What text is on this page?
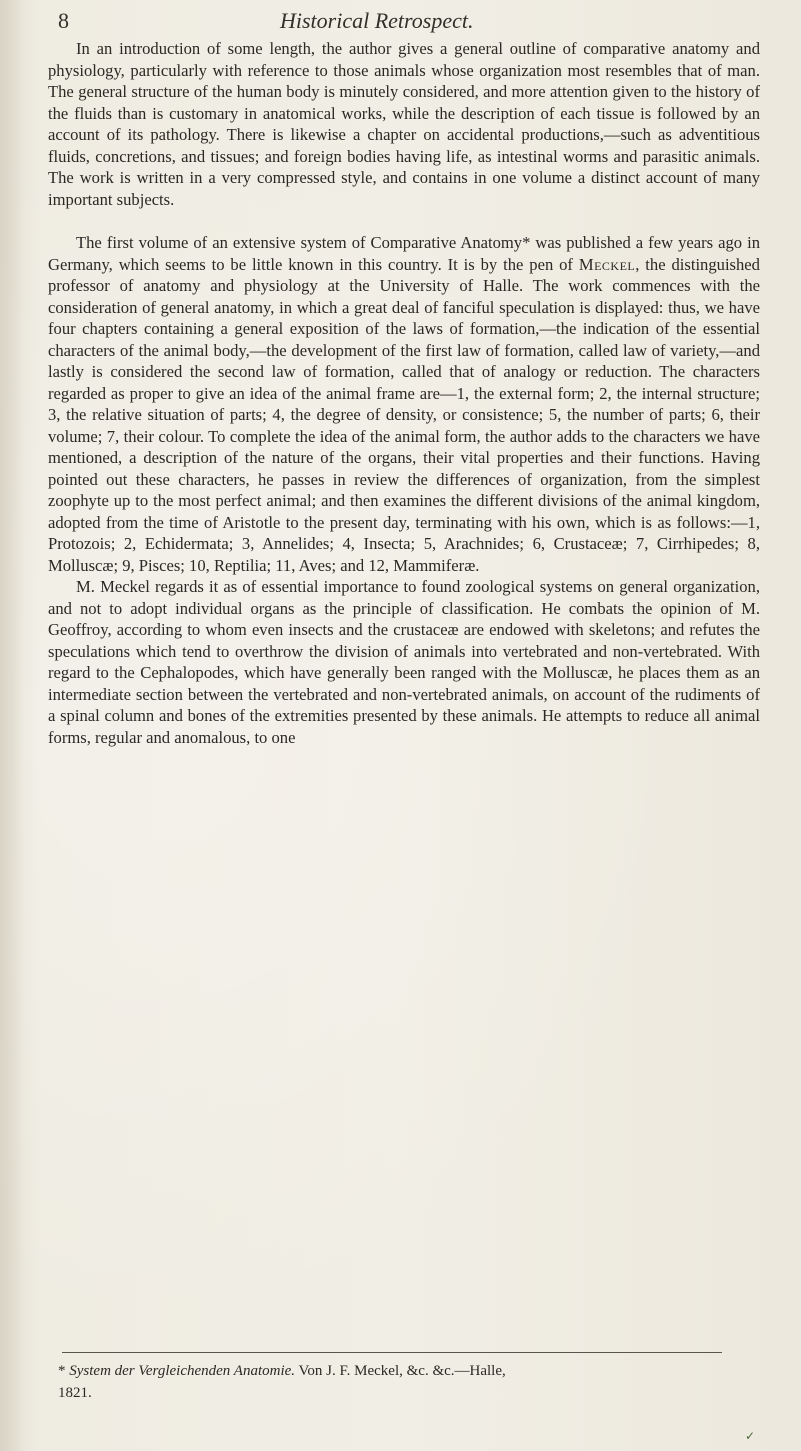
8	Historical Retrospect.

In an introduction of some length, the author gives a general outline of comparative anatomy and physiology, particularly with reference to those animals whose organization most resembles that of man. The general structure of the human body is minutely considered, and more attention given to the history of the fluids than is customary in anatomical works, while the description of each tissue is followed by an account of its pathology. There is likewise a chapter on accidental productions,—such as adventitious fluids, concretions, and tissues; and foreign bodies having life, as intestinal worms and parasitic animals. The work is written in a very compressed style, and contains in one volume a distinct account of many important subjects.

The first volume of an extensive system of Comparative Anatomy* was published a few years ago in Germany, which seems to be little known in this country. It is by the pen of Meckel, the distinguished professor of anatomy and physiology at the University of Halle. The work commences with the consideration of general anatomy, in which a great deal of fanciful speculation is displayed: thus, we have four chapters containing a general exposition of the laws of formation,—the indication of the essential characters of the animal body,—the development of the first law of formation, called law of variety,—and lastly is considered the second law of formation, called that of analogy or reduction. The characters regarded as proper to give an idea of the animal frame are—1, the external form; 2, the internal structure; 3, the relative situation of parts; 4, the degree of density, or consistence; 5, the number of parts; 6, their volume; 7, their colour. To complete the idea of the animal form, the author adds to the characters we have mentioned, a description of the nature of the organs, their vital properties and their functions. Having pointed out these characters, he passes in review the differences of organization, from the simplest zoophyte up to the most perfect animal; and then examines the different divisions of the animal kingdom, adopted from the time of Aristotle to the present day, terminating with his own, which is as follows:—1, Protozois; 2, Echidermata; 3, Annelides; 4, Insecta; 5, Arachnides; 6, Crustaceæ; 7, Cirrhipedes; 8, Molluscæ; 9, Pisces; 10, Reptilia; 11, Aves; and 12, Mammiferæ.

M. Meckel regards it as of essential importance to found zoological systems on general organization, and not to adopt individual organs as the principle of classification. He combats the opinion of M. Geoffroy, according to whom even insects and the crustaceæ are endowed with skeletons; and refutes the speculations which tend to overthrow the division of animals into vertebrated and non-vertebrated. With regard to the Cephalopodes, which have generally been ranged with the Molluscæ, he places them as an intermediate section between the vertebrated and non-vertebrated animals, on account of the rudiments of a spinal column and bones of the extremities presented by these animals. He attempts to reduce all animal forms, regular and anomalous, to one

* System der Vergleichenden Anatomie. Von J. F. Meckel, &c. &c.—Halle,
1821.
✓
